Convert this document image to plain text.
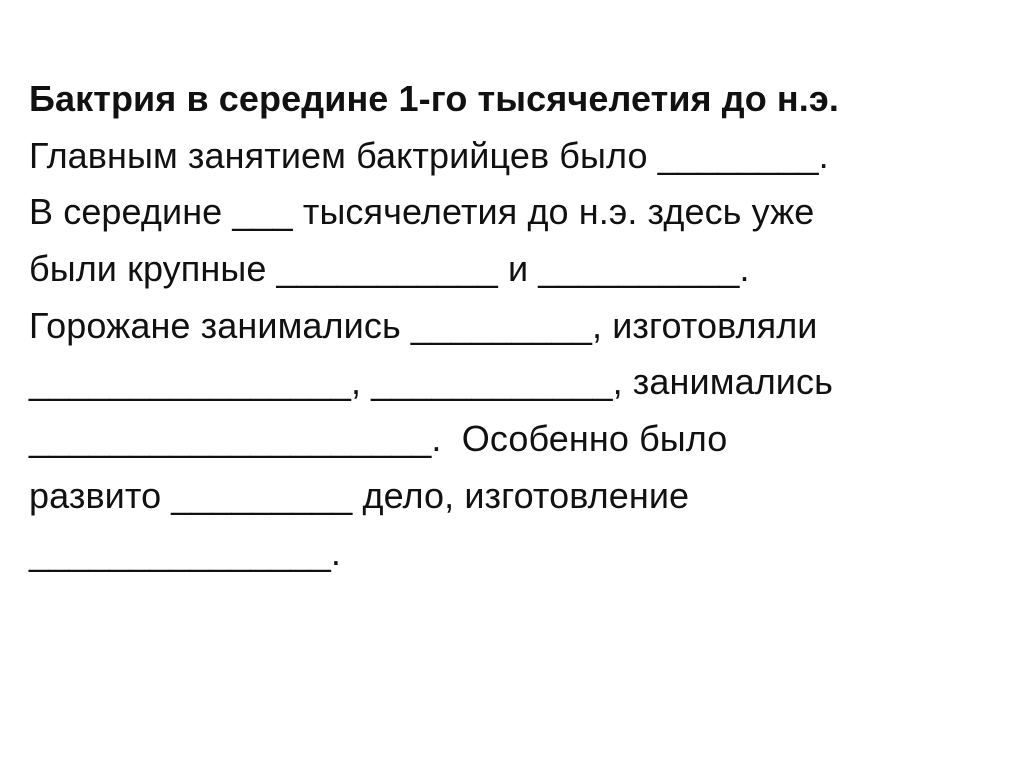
Бактрия в середине 1-го тысячелетия до н.э.
Главным занятием бактрийцев было ________.
В середине ___ тысячелетия до н.э. здесь уже
были крупные ___________ и __________.
Горожане занимались _________, изготовляли
________________, ____________, занимались
____________________.  Особенно было
развито _________ дело, изготовление
_______________.
